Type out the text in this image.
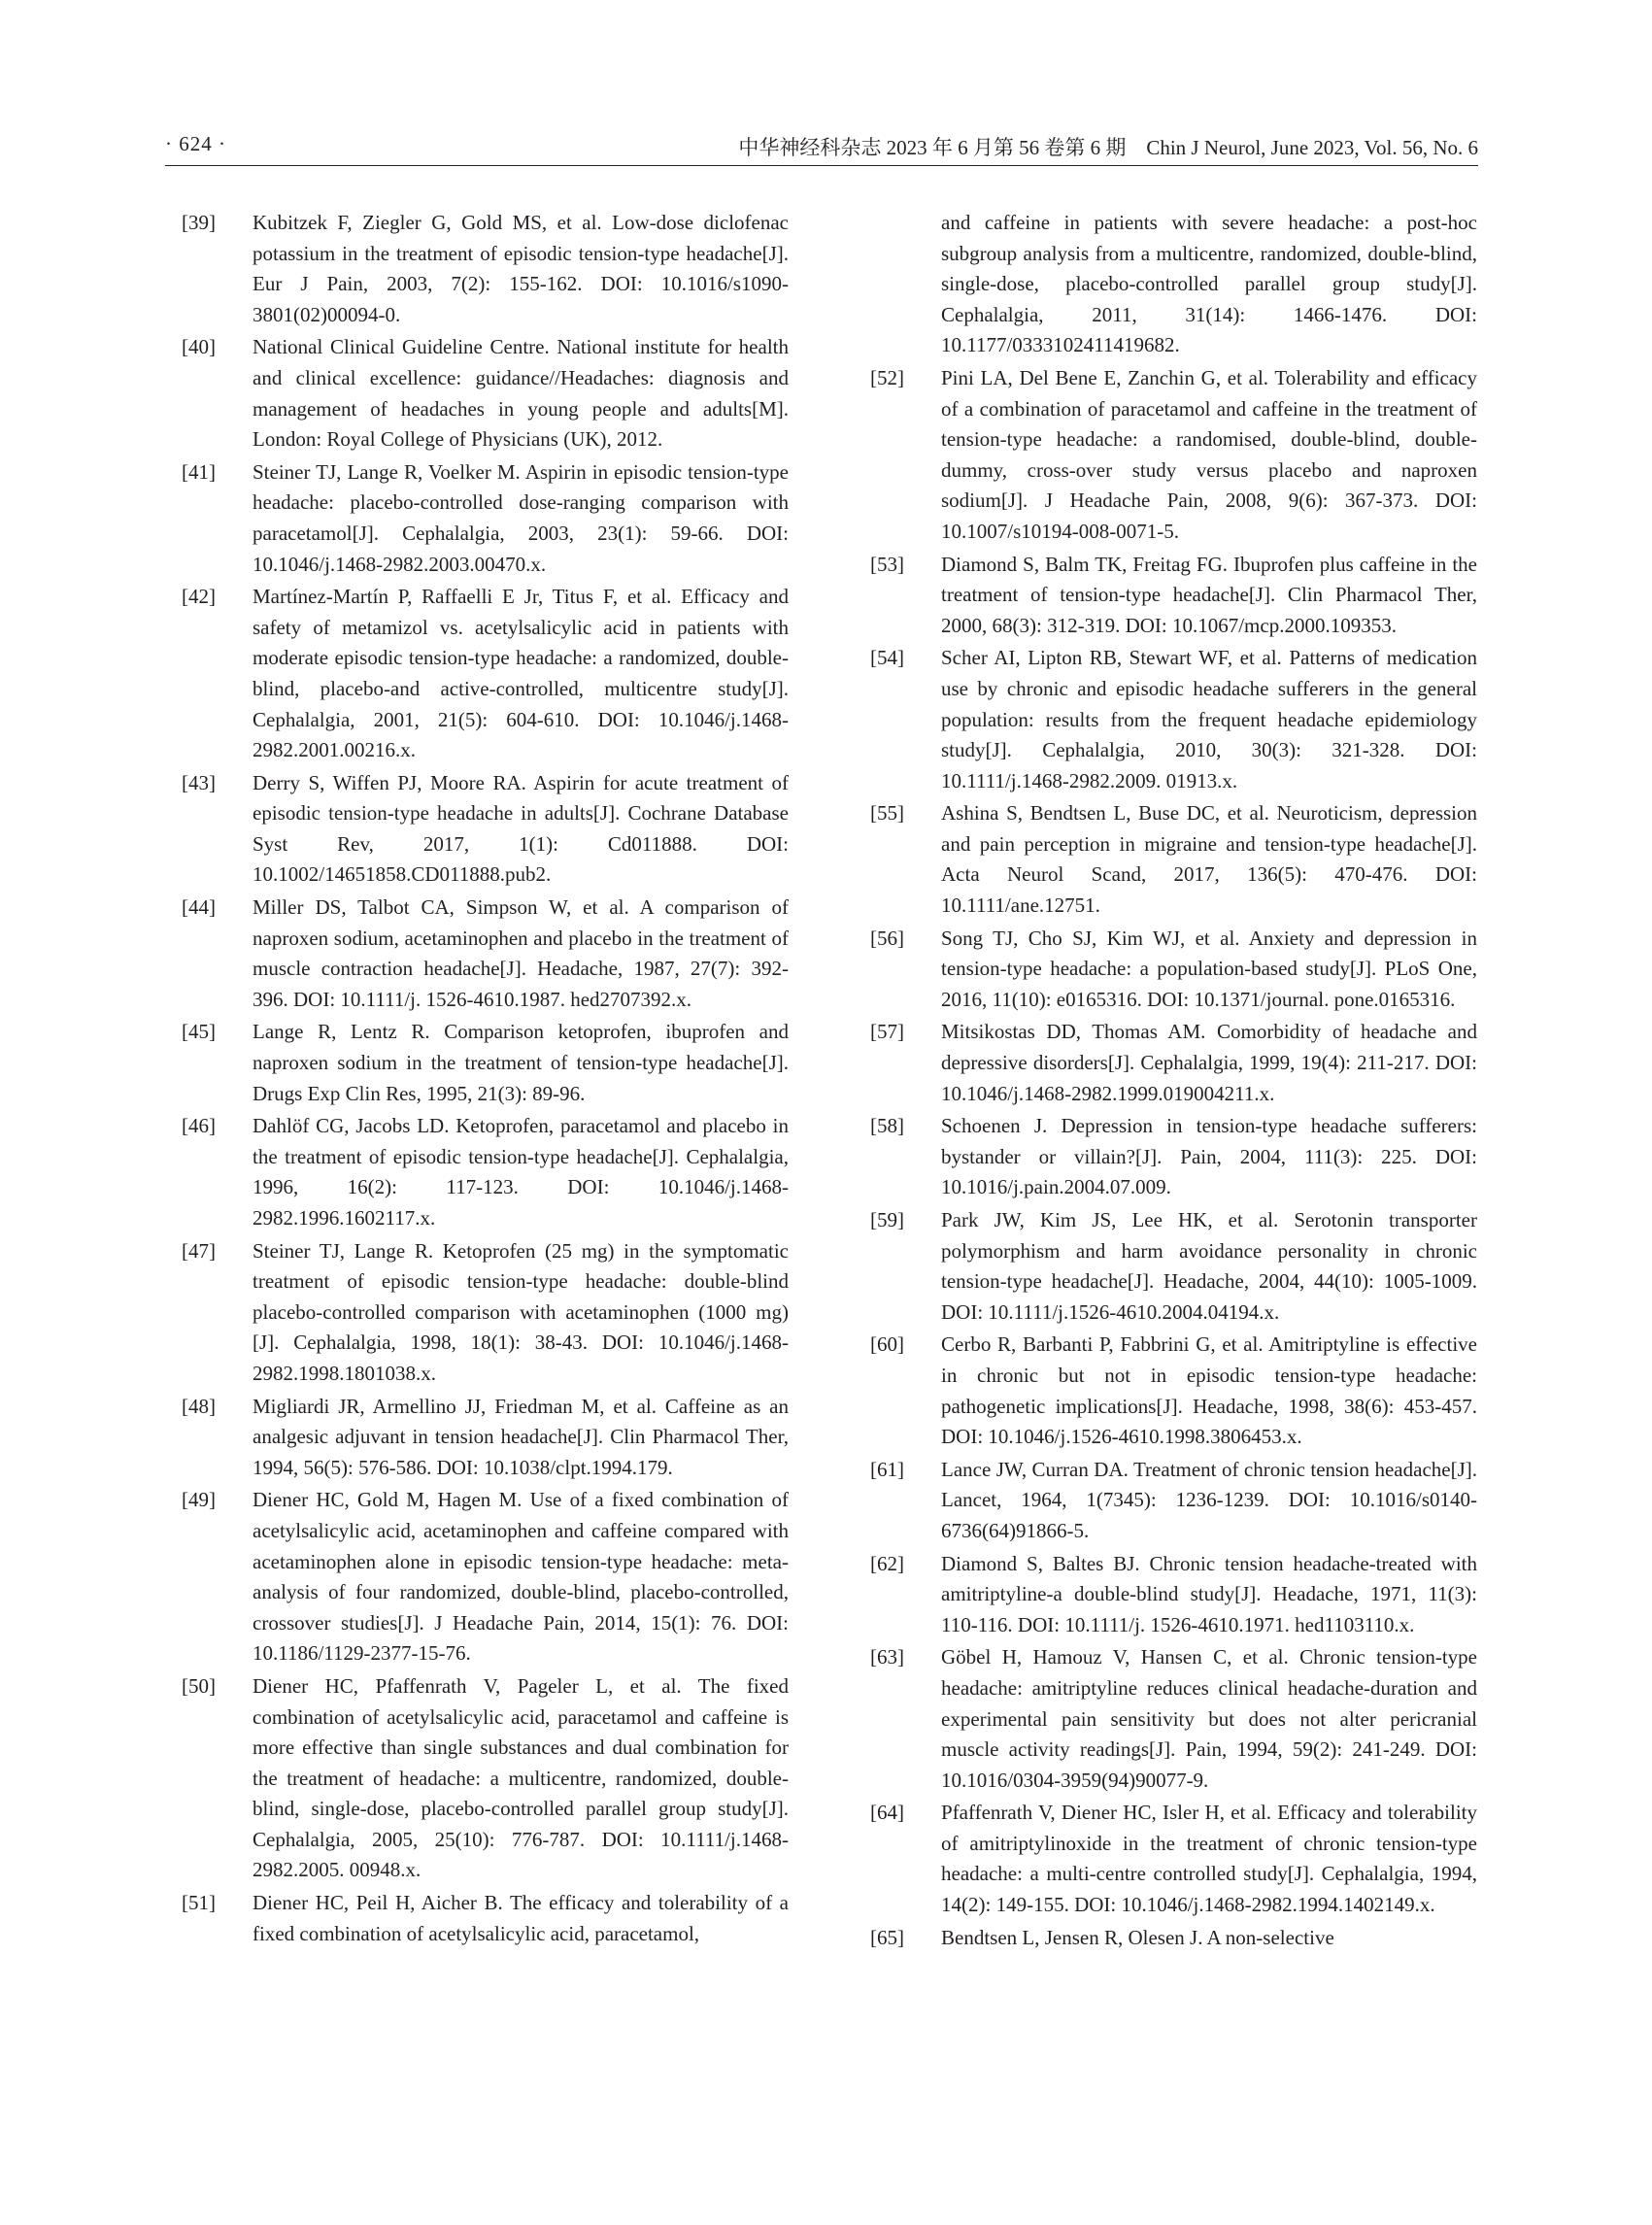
· 624 ·	中华神经科杂志 2023 年 6 月第 56 卷第 6 期　Chin J Neurol, June 2023, Vol. 56, No. 6
[39]	Kubitzek F, Ziegler G, Gold MS, et al. Low-dose diclofenac potassium in the treatment of episodic tension-type headache[J]. Eur J Pain, 2003, 7(2): 155-162. DOI: 10.1016/s1090-3801(02)00094-0.
[40]	National Clinical Guideline Centre. National institute for health and clinical excellence: guidance//Headaches: diagnosis and management of headaches in young people and adults[M]. London: Royal College of Physicians (UK), 2012.
[41]	Steiner TJ, Lange R, Voelker M. Aspirin in episodic tension-type headache: placebo-controlled dose-ranging comparison with paracetamol[J]. Cephalalgia, 2003, 23(1): 59-66. DOI: 10.1046/j.1468-2982.2003.00470.x.
[42]	Martínez-Martín P, Raffaelli E Jr, Titus F, et al. Efficacy and safety of metamizol vs. acetylsalicylic acid in patients with moderate episodic tension-type headache: a randomized, double-blind, placebo-and active-controlled, multicentre study[J]. Cephalalgia, 2001, 21(5): 604-610. DOI: 10.1046/j.1468-2982.2001.00216.x.
[43]	Derry S, Wiffen PJ, Moore RA. Aspirin for acute treatment of episodic tension-type headache in adults[J]. Cochrane Database Syst Rev, 2017, 1(1): Cd011888. DOI: 10.1002/14651858.CD011888.pub2.
[44]	Miller DS, Talbot CA, Simpson W, et al. A comparison of naproxen sodium, acetaminophen and placebo in the treatment of muscle contraction headache[J]. Headache, 1987, 27(7): 392-396. DOI: 10.1111/j. 1526-4610.1987. hed2707392.x.
[45]	Lange R, Lentz R. Comparison ketoprofen, ibuprofen and naproxen sodium in the treatment of tension-type headache[J]. Drugs Exp Clin Res, 1995, 21(3): 89-96.
[46]	Dahlöf CG, Jacobs LD. Ketoprofen, paracetamol and placebo in the treatment of episodic tension-type headache[J]. Cephalalgia, 1996, 16(2): 117-123. DOI: 10.1046/j.1468-2982.1996.1602117.x.
[47]	Steiner TJ, Lange R. Ketoprofen (25 mg) in the symptomatic treatment of episodic tension-type headache: double-blind placebo-controlled comparison with acetaminophen (1000 mg)[J]. Cephalalgia, 1998, 18(1): 38-43. DOI: 10.1046/j.1468-2982.1998.1801038.x.
[48]	Migliardi JR, Armellino JJ, Friedman M, et al. Caffeine as an analgesic adjuvant in tension headache[J]. Clin Pharmacol Ther, 1994, 56(5): 576-586. DOI: 10.1038/clpt.1994.179.
[49]	Diener HC, Gold M, Hagen M. Use of a fixed combination of acetylsalicylic acid, acetaminophen and caffeine compared with acetaminophen alone in episodic tension-type headache: meta-analysis of four randomized, double-blind, placebo-controlled, crossover studies[J]. J Headache Pain, 2014, 15(1): 76. DOI: 10.1186/1129-2377-15-76.
[50]	Diener HC, Pfaffenrath V, Pageler L, et al. The fixed combination of acetylsalicylic acid, paracetamol and caffeine is more effective than single substances and dual combination for the treatment of headache: a multicentre, randomized, double-blind, single-dose, placebo-controlled parallel group study[J]. Cephalalgia, 2005, 25(10): 776-787. DOI: 10.1111/j.1468-2982.2005. 00948.x.
[51]	Diener HC, Peil H, Aicher B. The efficacy and tolerability of a fixed combination of acetylsalicylic acid, paracetamol,
and caffeine in patients with severe headache: a post-hoc subgroup analysis from a multicentre, randomized, double-blind, single-dose, placebo-controlled parallel group study[J]. Cephalalgia, 2011, 31(14): 1466-1476. DOI: 10.1177/0333102411419682.
[52]	Pini LA, Del Bene E, Zanchin G, et al. Tolerability and efficacy of a combination of paracetamol and caffeine in the treatment of tension-type headache: a randomised, double-blind, double-dummy, cross-over study versus placebo and naproxen sodium[J]. J Headache Pain, 2008, 9(6): 367-373. DOI: 10.1007/s10194-008-0071-5.
[53]	Diamond S, Balm TK, Freitag FG. Ibuprofen plus caffeine in the treatment of tension-type headache[J]. Clin Pharmacol Ther, 2000, 68(3): 312-319. DOI: 10.1067/mcp.2000.109353.
[54]	Scher AI, Lipton RB, Stewart WF, et al. Patterns of medication use by chronic and episodic headache sufferers in the general population: results from the frequent headache epidemiology study[J]. Cephalalgia, 2010, 30(3): 321-328. DOI: 10.1111/j.1468-2982.2009. 01913.x.
[55]	Ashina S, Bendtsen L, Buse DC, et al. Neuroticism, depression and pain perception in migraine and tension-type headache[J]. Acta Neurol Scand, 2017, 136(5): 470-476. DOI: 10.1111/ane.12751.
[56]	Song TJ, Cho SJ, Kim WJ, et al. Anxiety and depression in tension-type headache: a population-based study[J]. PLoS One, 2016, 11(10): e0165316. DOI: 10.1371/journal. pone.0165316.
[57]	Mitsikostas DD, Thomas AM. Comorbidity of headache and depressive disorders[J]. Cephalalgia, 1999, 19(4): 211-217. DOI: 10.1046/j.1468-2982.1999.019004211.x.
[58]	Schoenen J. Depression in tension-type headache sufferers: bystander or villain?[J]. Pain, 2004, 111(3): 225. DOI: 10.1016/j.pain.2004.07.009.
[59]	Park JW, Kim JS, Lee HK, et al. Serotonin transporter polymorphism and harm avoidance personality in chronic tension-type headache[J]. Headache, 2004, 44(10): 1005-1009. DOI: 10.1111/j.1526-4610.2004.04194.x.
[60]	Cerbo R, Barbanti P, Fabbrini G, et al. Amitriptyline is effective in chronic but not in episodic tension-type headache: pathogenetic implications[J]. Headache, 1998, 38(6): 453-457. DOI: 10.1046/j.1526-4610.1998.3806453.x.
[61]	Lance JW, Curran DA. Treatment of chronic tension headache[J]. Lancet, 1964, 1(7345): 1236-1239. DOI: 10.1016/s0140-6736(64)91866-5.
[62]	Diamond S, Baltes BJ. Chronic tension headache-treated with amitriptyline-a double-blind study[J]. Headache, 1971, 11(3): 110-116. DOI: 10.1111/j. 1526-4610.1971. hed1103110.x.
[63]	Göbel H, Hamouz V, Hansen C, et al. Chronic tension-type headache: amitriptyline reduces clinical headache-duration and experimental pain sensitivity but does not alter pericranial muscle activity readings[J]. Pain, 1994, 59(2): 241-249. DOI: 10.1016/0304-3959(94)90077-9.
[64]	Pfaffenrath V, Diener HC, Isler H, et al. Efficacy and tolerability of amitriptylinoxide in the treatment of chronic tension-type headache: a multi-centre controlled study[J]. Cephalalgia, 1994, 14(2): 149-155. DOI: 10.1046/j.1468-2982.1994.1402149.x.
[65]	Bendtsen L, Jensen R, Olesen J. A non-selective
